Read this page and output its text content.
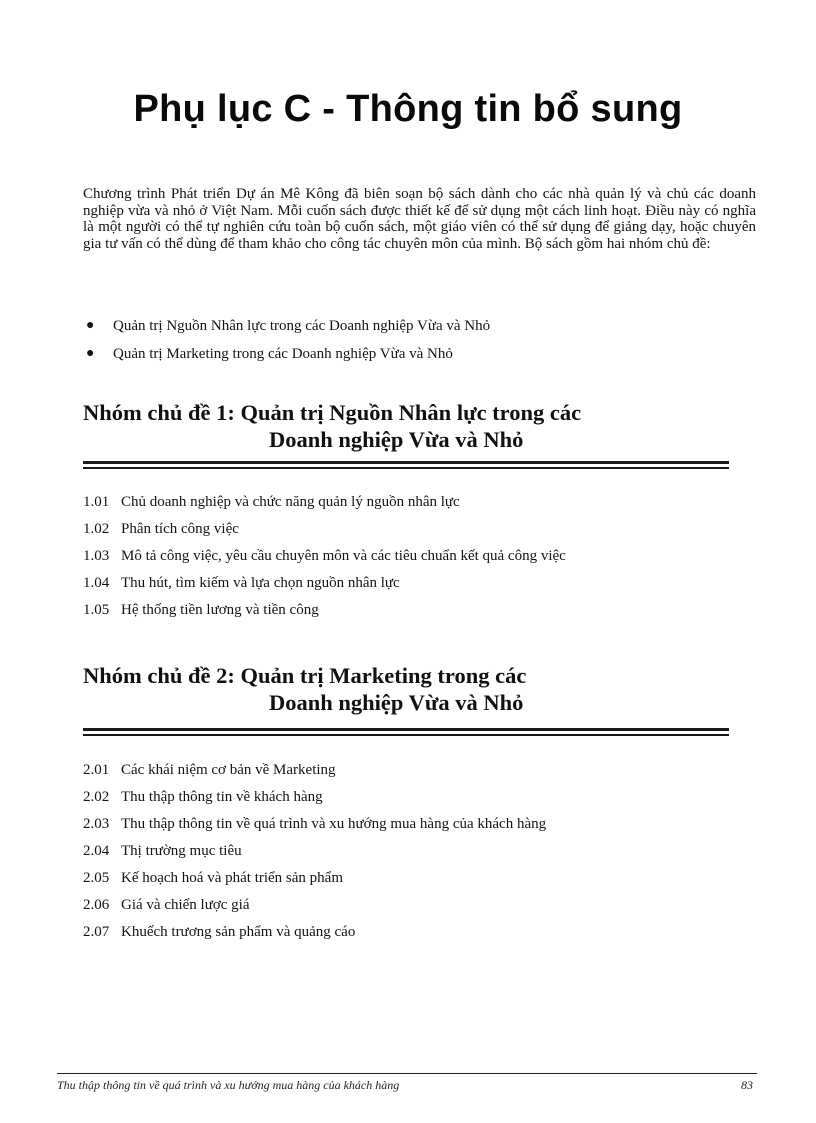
Phụ lục C - Thông tin bổ sung

Chương trình Phát triển Dự án Mê Kông đã biên soạn bộ sách dành cho các nhà quản lý và chủ các doanh nghiệp vừa và nhỏ ở Việt Nam. Mỗi cuốn sách được thiết kế để sử dụng một cách linh hoạt. Điều này có nghĩa là một người có thể tự nghiên cứu toàn bộ cuốn sách, một giáo viên có thể sử dụng để giảng dạy, hoặc chuyên gia tư vấn có thể dùng để tham khảo cho công tác chuyên môn của mình. Bộ sách gồm hai nhóm chủ đề:

● Quản trị Nguồn Nhân lực trong các Doanh nghiệp Vừa và Nhỏ
● Quản trị Marketing trong các Doanh nghiệp Vừa và Nhỏ
Nhóm chủ đề 1: Quản trị Nguồn Nhân lực trong các
Doanh nghiệp Vừa và Nhỏ
1.01 Chủ doanh nghiệp và chức năng quản lý nguồn nhân lực
1.02 Phân tích công việc
1.03 Mô tả công việc, yêu cầu chuyên môn và các tiêu chuẩn kết quả công việc
1.04 Thu hút, tìm kiếm và lựa chọn nguồn nhân lực
1.05 Hệ thống tiền lương và tiền công
Nhóm chủ đề 2: Quản trị Marketing trong các
Doanh nghiệp Vừa và Nhỏ
2.01 Các khái niệm cơ bản về Marketing
2.02 Thu thập thông tin về khách hàng
2.03 Thu thập thông tin về quá trình và xu hướng mua hàng của khách hàng
2.04 Thị trường mục tiêu
2.05 Kế hoạch hoá và phát triển sản phẩm
2.06 Giá và chiến lược giá
2.07 Khuếch trương sản phẩm và quảng cáo
Thu thập thông tin về quá trình và xu hướng mua hàng của khách hàng	83
